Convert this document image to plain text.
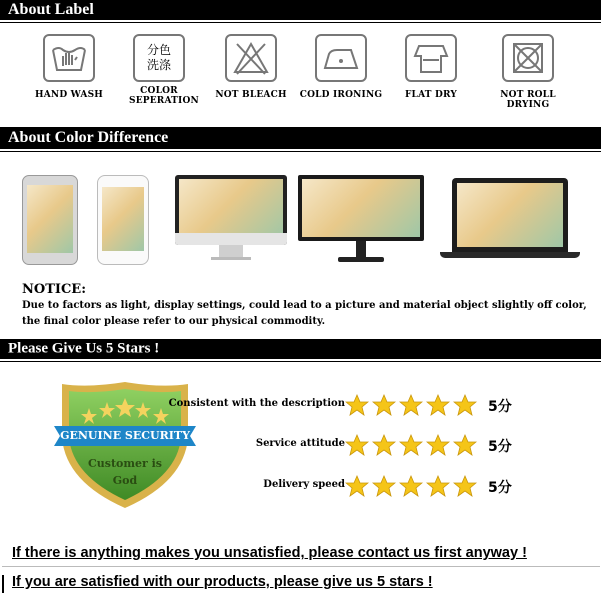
About Label
HAND WASH
分色
洗涤
COLOR SEPERATION
NOT BLEACH	COLD IRONING	FLAT DRY	NOT ROLL DRYING
About Color Difference
NOTICE:
Due to factors as light, display settings, could lead to a picture and material object slightly off color,
the final color please refer to our physical commodity.
Please Give Us 5 Stars !
GENUINE SECURITY
Customer is
God
Consistent with the description	5分
Service attitude	5分
Delivery speed	5分
If there is anything makes you unsatisfied, please contact us first anyway !
If you are satisfied with our products, please give us 5 stars !
